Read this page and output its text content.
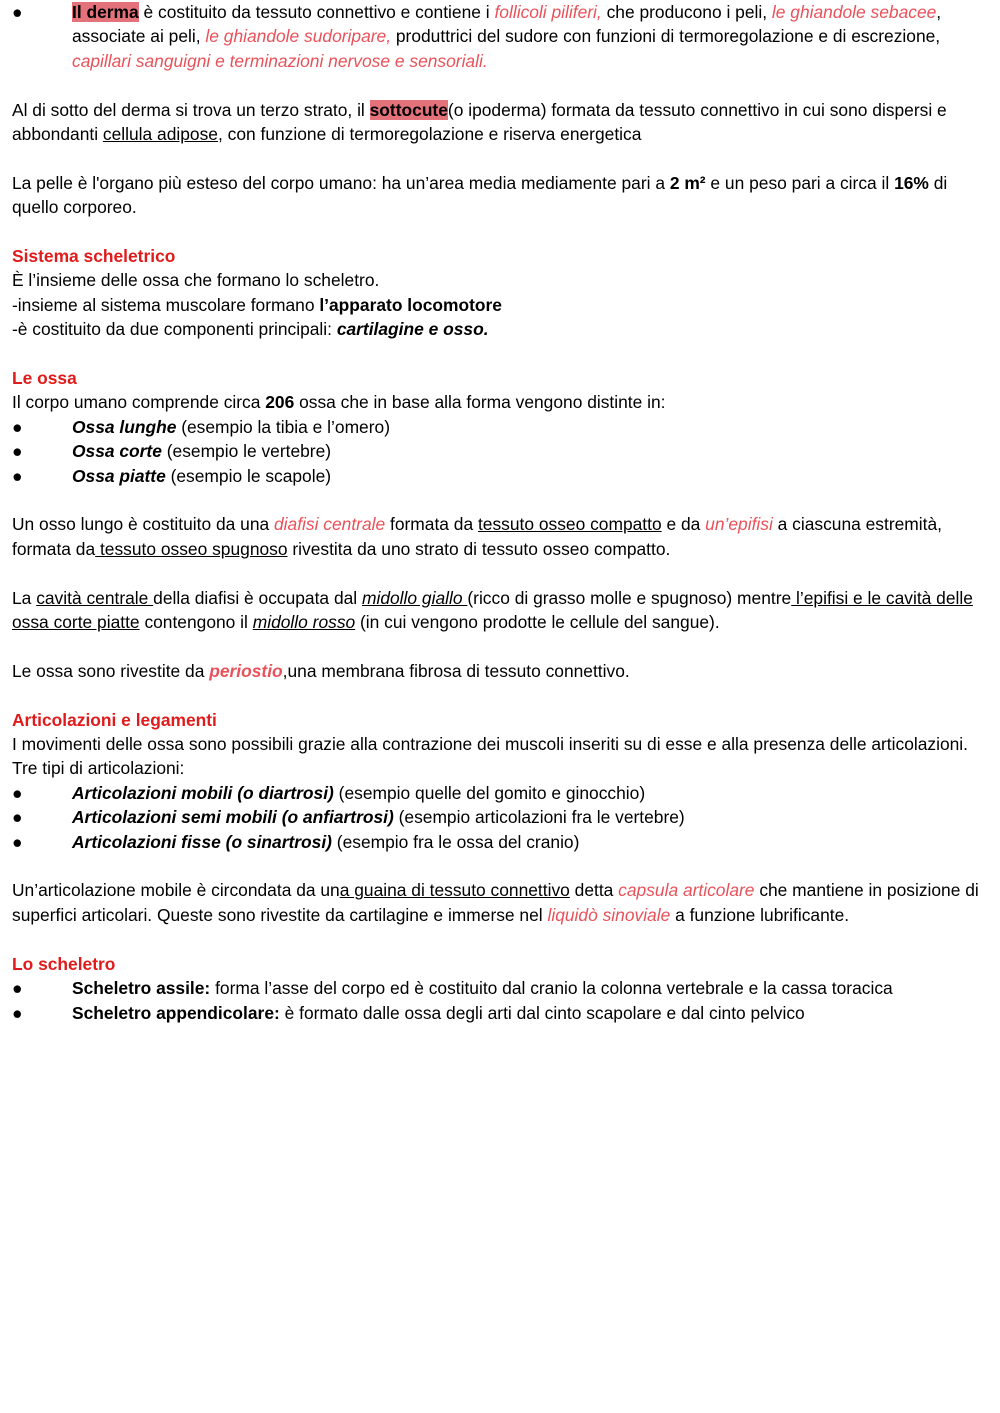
●	Il derma è costituito da tessuto connettivo e contiene i follicoli piliferi, che producono i peli, le ghiandole sebacee, associate ai peli, le ghiandole sudoripare, produttrici del sudore con funzioni di termoregolazione e di escrezione, capillari sanguigni e terminazioni nervose e sensoriali.

Al di sotto del derma si trova un terzo strato, il sottocute(o ipoderma) formata da tessuto connettivo in cui sono dispersi e abbondanti cellula adipose, con funzione di termoregolazione e riserva energetica

La pelle è l'organo più esteso del corpo umano: ha un’area media mediamente pari a 2 m² e un peso pari a circa il 16% di quello corporeo.

Sistema scheletrico

È l’insieme delle ossa che formano lo scheletro.

-insieme al sistema muscolare formano l’apparato locomotore

-è costituito da due componenti principali: cartilagine e osso.

Le ossa

Il corpo umano comprende circa 206 ossa che in base alla forma vengono distinte in:

●	Ossa lunghe (esempio la tibia e l’omero)
●	Ossa corte (esempio le vertebre)
●	Ossa piatte (esempio le scapole)

Un osso lungo è costituito da una diafisi centrale formata da tessuto osseo compatto e da un’epifisi a ciascuna estremità, formata da tessuto osseo spugnoso rivestita da uno strato di tessuto osseo compatto.

La cavità centrale della diafisi è occupata dal midollo giallo (ricco di grasso molle e spugnoso) mentre l’epifisi e le cavità delle ossa corte piatte contengono il midollo rosso (in cui vengono prodotte le cellule del sangue).

Le ossa sono rivestite da periostio,una membrana fibrosa di tessuto connettivo.

Articolazioni e legamenti

I movimenti delle ossa sono possibili grazie alla contrazione dei muscoli inseriti su di esse e alla presenza delle articolazioni.

Tre tipi di articolazioni:

●	Articolazioni mobili (o diartrosi) (esempio quelle del gomito e ginocchio)
●	Articolazioni semi mobili (o anfiartrosi) (esempio articolazioni fra le vertebre)
●	Articolazioni fisse (o sinartrosi) (esempio fra le ossa del cranio)

Un’articolazione mobile è circondata da una guaina di tessuto connettivo detta capsula articolare che mantiene in posizione di superfici articolari. Queste sono rivestite da cartilagine e immerse nel liquidò sinoviale a funzione lubrificante.

Lo scheletro

●	Scheletro assile: forma l’asse del corpo ed è costituito dal cranio la colonna vertebrale e la cassa toracica
●	Scheletro appendicolare: è formato dalle ossa degli arti dal cinto scapolare e dal cinto pelvico
